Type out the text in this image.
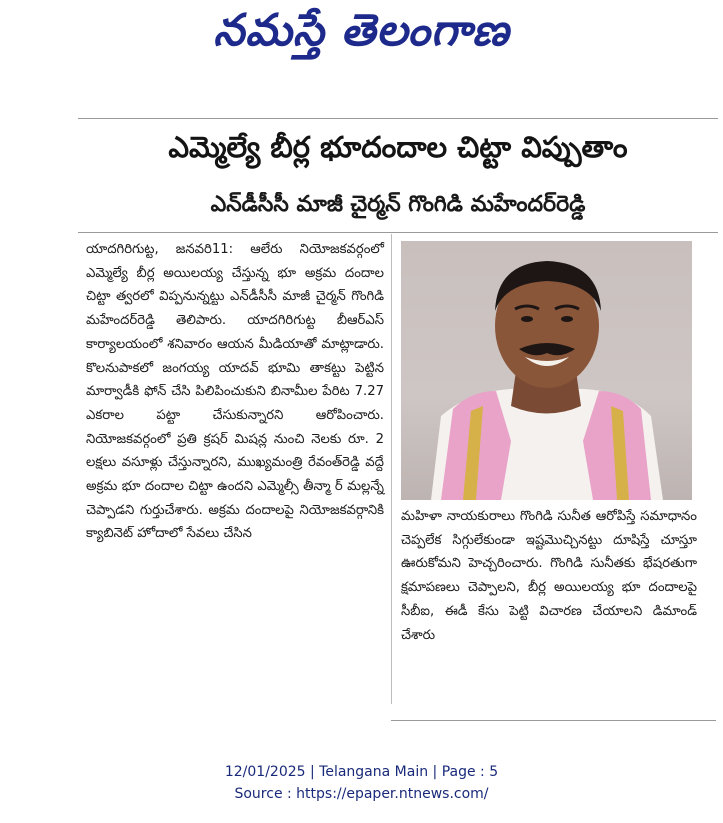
నమస్తే తెలంగాణ
ఎమ్మెల్యే బీర్ల భూదందాల చిట్టా విప్పుతాం
ఎన్‌డీసీసీ మాజీ చైర్మన్ గొంగిడి మహేందర్‌రెడ్డి
యాదగిరిగుట్ట, జనవరి11: ఆలేరు నియోజకవర్గంలో ఎమ్మెల్యే బీర్ల అయిలయ్య చేస్తున్న భూ అక్రమ దందాల చిట్టా త్వరలో విప్పనున్నట్టు ఎన్‌డీసీసీ మాజీ చైర్మన్ గొంగిడి మహేందర్‌రెడ్డి తెలిపారు. యాదగిరిగుట్ట బీఆర్‌ఎస్ కార్యాలయంలో శనివారం ఆయన మీడియాతో మాట్లాడారు. కొలనుపాకలో జంగయ్య యాదవ్ భూమి తాకట్టు పెట్టిన మార్వాడీకి ఫోన్ చేసి పిలిపించుకుని బినామీల పేరిట 7.27 ఎకరాల పట్టా చేసుకున్నారని ఆరోపించారు. నియోజకవర్గంలో ప్రతి క్రషర్ మిషన్ల నుంచి నెలకు రూ. 2 లక్షలు వసూళ్లు చేస్తున్నారని, ముఖ్యమంత్రి రేవంత్‌రెడ్డి వద్దే అక్రమ భూ దందాల చిట్టా ఉందని ఎమ్మెల్సీ తీన్మా ర్ మల్లన్నే చెప్పాడని గుర్తుచేశారు. అక్రమ దందాలపై నియోజకవర్గానికి క్యాబినెట్ హోదాలో సేవలు చేసిన
మహిళా నాయకురాలు గొంగిడి సునీత ఆరోపిస్తే సమాధానం చెప్పలేక సిగ్గులేకుండా ఇష్టమొచ్చినట్టు దూషిస్తే చూస్తూ ఊరుకోమని హెచ్చరించారు. గొంగిడి సునీతకు భేషరతుగా క్షమాపణలు చెప్పాలని, బీర్ల అయిలయ్య భూ దందాలపై సీబీఐ, ఈడీ కేసు పెట్టి విచారణ చేయాలని డిమాండ్ చేశారు
12/01/2025 | Telangana Main | Page : 5
Source : https://epaper.ntnews.com/
